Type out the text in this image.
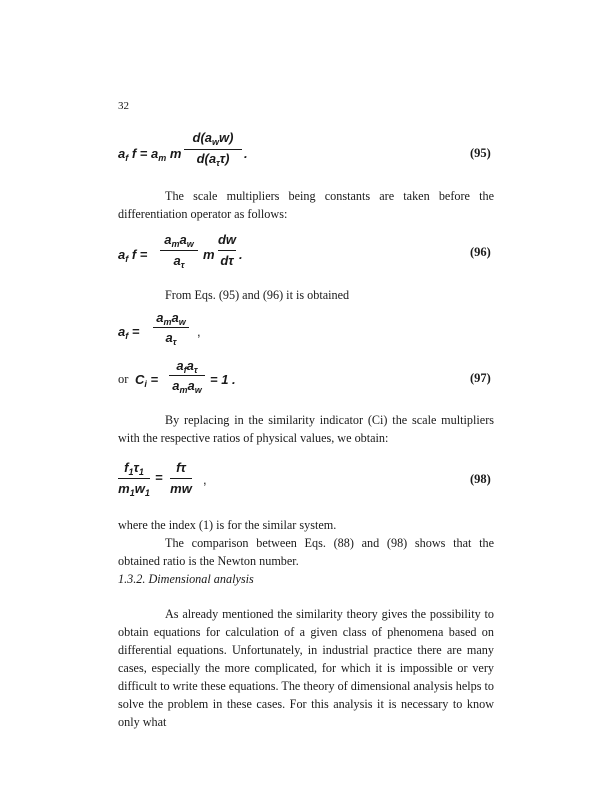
32
$a_f$ $f = a_m$ m
$d(a_ww)$
$d(a_\tau\tau)$	.	(95)
The scale multipliers being constants are taken before the differentiation operator as follows:
$a_f$ f =
$a_ma_w$
$a_\tau$
m
dw
dτ .	(96)
From Eqs. (95) and (96) it is obtained
$a_f$ =
$a_ma_w$
$a_\tau$
,
or $C_i$ =
$a_fa_\tau$
$a_ma_w$
= 1 .	(97)
By replacing in the similarity indicator (Ci) the scale multipliers with the respective ratios of physical values, we obtain:
$f_1\tau_1$
$m_1w_1$
=
fτ
mw
,	(98)
where the index (1) is for the similar system.
The comparison between Eqs. (88) and (98) shows that the obtained ratio is the Newton number.
1.3.2. Dimensional analysis
As already mentioned the similarity theory gives the possibility to obtain equations for calculation of a given class of phenomena based on differential equations. Unfortunately, in industrial practice there are many cases, especially the more complicated, for which it is impossible or very difficult to write these equations. The theory of dimensional analysis helps to solve the problem in these cases. For this analysis it is necessary to know only what
